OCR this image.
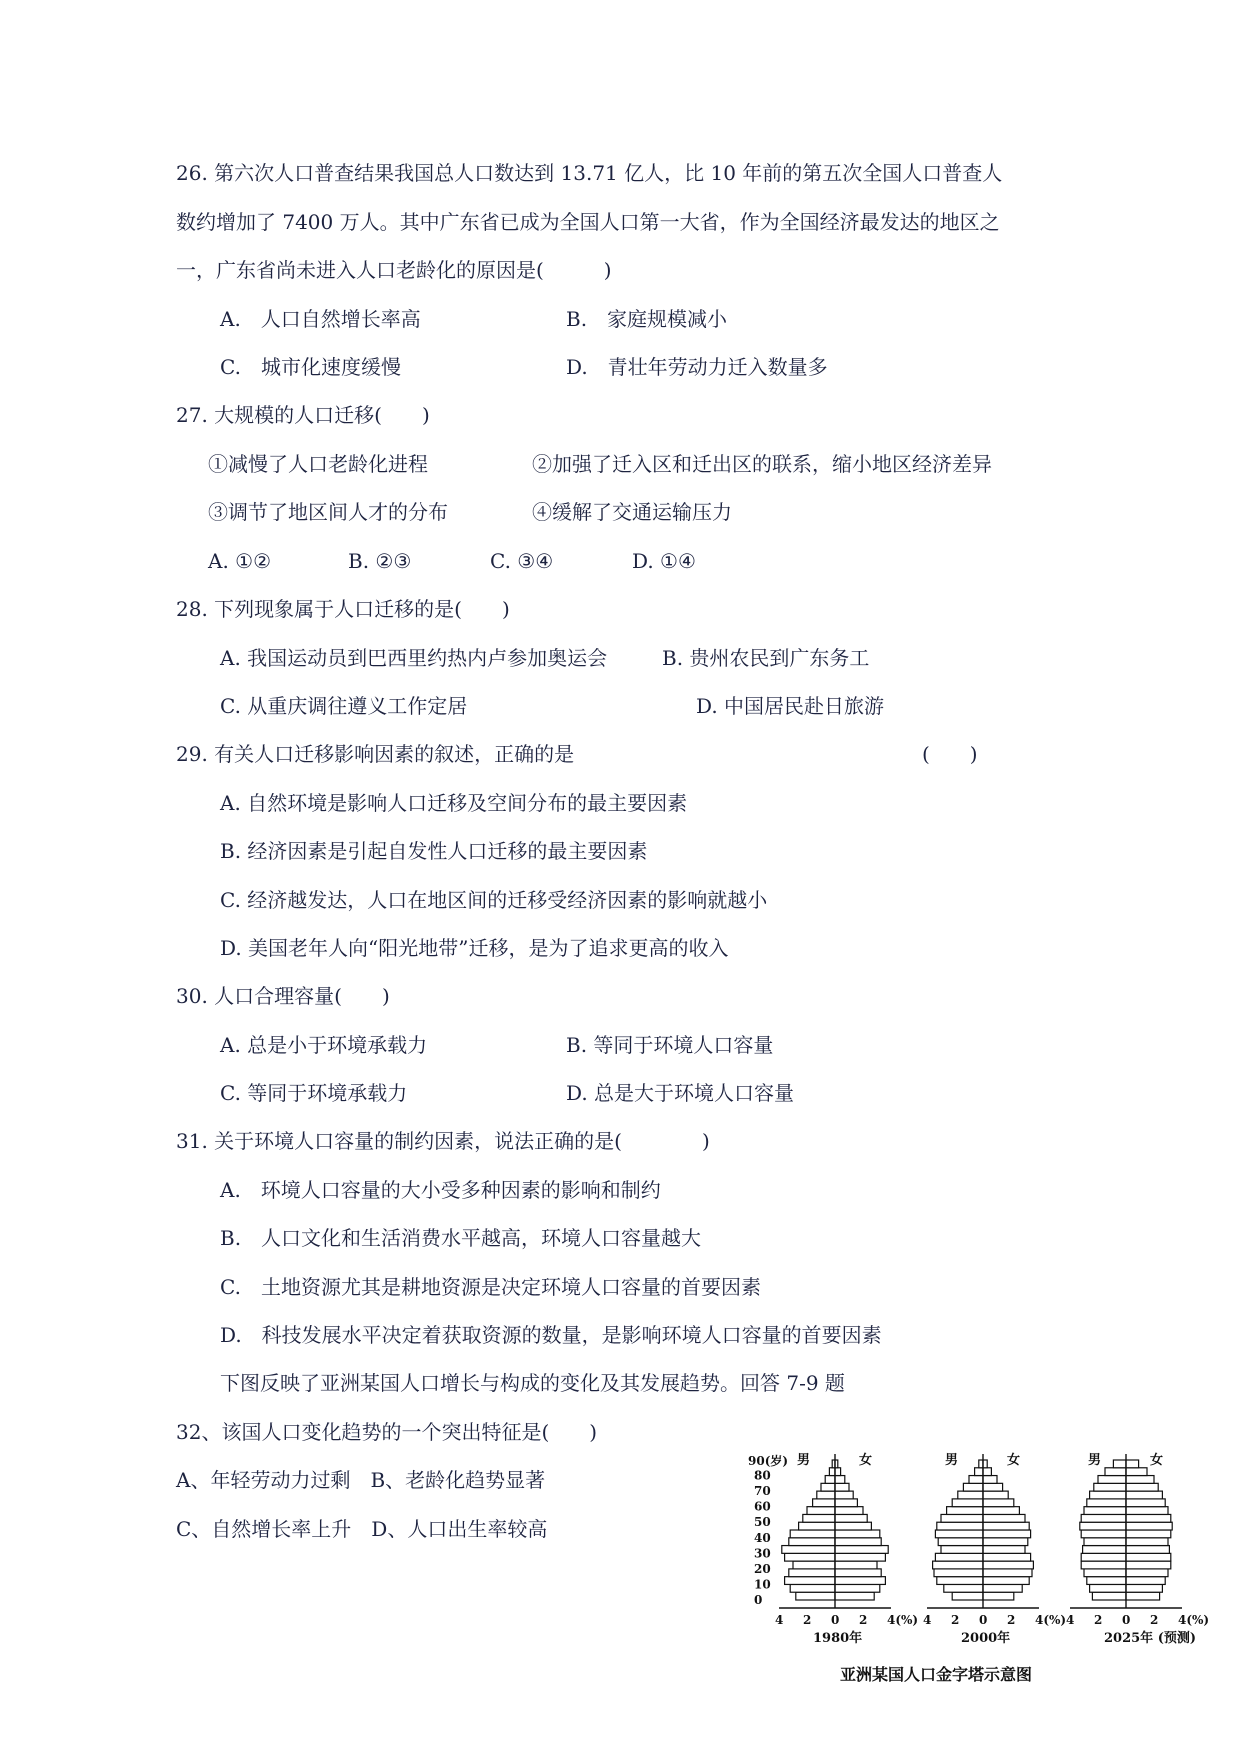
26. 第六次人口普查结果我国总人口数达到 13.71 亿人，比 10 年前的第五次全国人口普查人
数约增加了 7400 万人。其中广东省已成为全国人口第一大省，作为全国经济最发达的地区之
一，广东省尚未进入人口老龄化的原因是(　　　)
A.　人口自然增长率高	B.　家庭规模减小
C.　城市化速度缓慢	D.　青壮年劳动力迁入数量多
27. 大规模的人口迁移(　　)
①减慢了人口老龄化进程	②加强了迁入区和迁出区的联系，缩小地区经济差异
③调节了地区间人才的分布	④缓解了交通运输压力
A. ①②	B. ②③	C. ③④	D. ①④
28. 下列现象属于人口迁移的是(　　)
A. 我国运动员到巴西里约热内卢参加奥运会	B. 贵州农民到广东务工
C. 从重庆调往遵义工作定居	D. 中国居民赴日旅游
29. 有关人口迁移影响因素的叙述，正确的是	(　　)
A. 自然环境是影响人口迁移及空间分布的最主要因素
B. 经济因素是引起自发性人口迁移的最主要因素
C. 经济越发达，人口在地区间的迁移受经济因素的影响就越小
D. 美国老年人向“阳光地带”迁移，是为了追求更高的收入
30. 人口合理容量(　　)
A. 总是小于环境承载力	B. 等同于环境人口容量
C. 等同于环境承载力	D. 总是大于环境人口容量
31. 关于环境人口容量的制约因素，说法正确的是(　　　　)
A.　环境人口容量的大小受多种因素的影响和制约
B.　人口文化和生活消费水平越高，环境人口容量越大
C.　土地资源尤其是耕地资源是决定环境人口容量的首要因素
D.　科技发展水平决定着获取资源的数量，是影响环境人口容量的首要因素
下图反映了亚洲某国人口增长与构成的变化及其发展趋势。回答 7-9 题
32、该国人口变化趋势的一个突出特征是(　　)
A、年轻劳动力过剩　B、老龄化趋势显著
C、自然增长率上升　D、人口出生率较高
90(岁)
0
10
20
30
40
50
60
70
80
男	女
4 2 0 2 4(%)
1980年
男	女
4 2 0 2 4(%)
2000年
男	女
4 2 0 2 4(%)
2025年 (预测)
亚洲某国人口金字塔示意图
